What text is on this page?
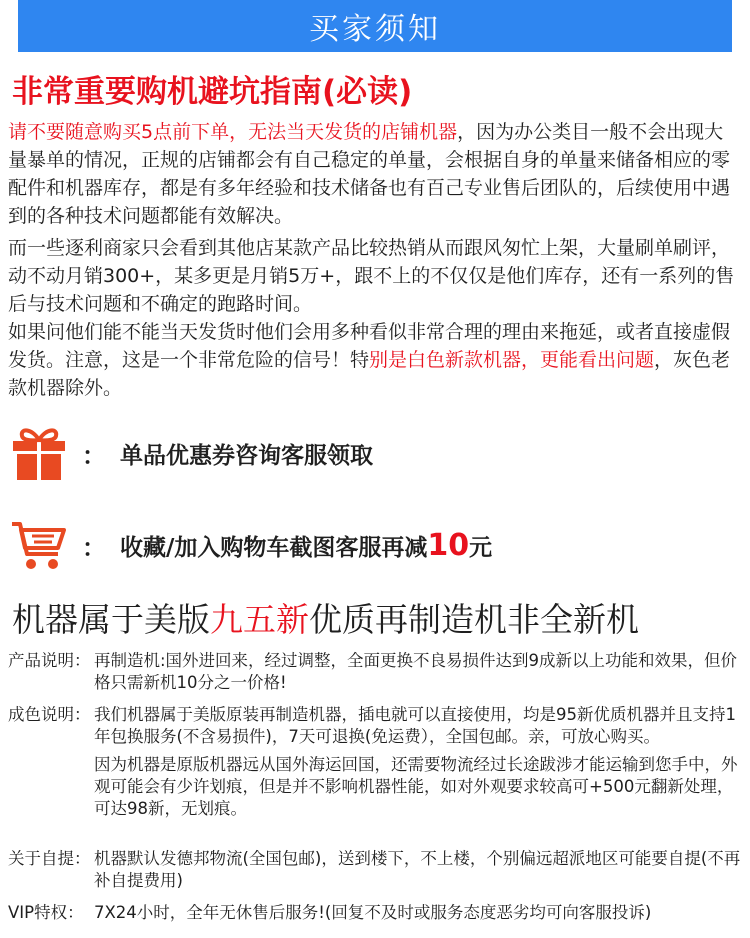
买家须知
非常重要购机避坑指南(必读)
请不要随意购买5点前下单，无法当天发货的店铺机器，因为办公类目一般不会出现大量暴单的情况，正规的店铺都会有自己稳定的单量，会根据自身的单量来储备相应的零配件和机器库存，都是有多年经验和技术储备也有百己专业售后团队的，后续使用中遇到的各种技术问题都能有效解决。
而一些逐利商家只会看到其他店某款产品比较热销从而跟风匆忙上架，大量刷单刷评，动不动月销300+，某多更是月销5万+，跟不上的不仅仅是他们库存，还有一系列的售后与技术问题和不确定的跑路时间。
如果问他们能不能当天发货时他们会用多种看似非常合理的理由来拖延，或者直接虚假发货。注意，这是一个非常危险的信号！特别是白色新款机器，更能看出问题，灰色老款机器除外。
： 单品优惠券咨询客服领取
： 收藏/加入购物车截图客服再减 10 元
机器属于美版九五新优质再制造机非全新机
产品说明： 再制造机:国外进回来，经过调整，全面更换不良易损件达到9成新以上功能和效果，但价格只需新机10分之一价格!
成色说明： 我们机器属于美版原装再制造机器，插电就可以直接使用，均是95新优质机器并且支持1年包换服务(不含易损件)，7天可退换(免运费），全国包邮。亲，可放心购买。
因为机器是原版机器远从国外海运回国，还需要物流经过长途跋涉才能运输到您手中，外观可能会有少许划痕，但是并不影响机器性能，如对外观要求较高可+500元翻新处理，可达98新，无划痕。
关于自提： 机器默认发德邦物流(全国包邮)，送到楼下，不上楼，个别偏远超派地区可能要自提(不再补自提费用)
VIP特权： 7X24小时，全年无休售后服务!(回复不及时或服务态度恶劣均可向客服投诉)
